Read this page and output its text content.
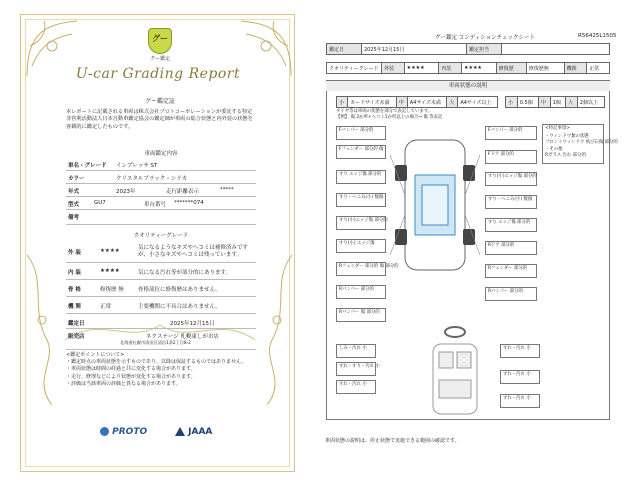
グー
グー鑑定
U-car Grading Report
グー鑑定証
本レポートに記載される車両は株式会社プロトコーポレーションが委託する特定非営利活動法人日本自動車鑑定協会の鑑定師が車両の総合状態と内外装の状態を客観的に鑑定したものです。
車両鑑定内容
車名・グレード インプレッサ ST
カラー	クリスタルブラック・シリカ
年式	2023年	走行距離表示	*****
型式	GU7	車台番号 *******074
備考
クオリティーグレード
外 装	★★★★	気になるようなキズやヘコミは補修済みですが、小さなキズやヘコミは残っています。
内 装	★★★★	気になる汚れ等が部分的にあります。
骨 格	修復歴 無	骨格部位に修復歴はありません。
機 関	正常	主要機関に不具合はありません。
鑑定日	2025年12月15日
販売店	ネクステージ 札幌東しがお店
北海道札幌市清田区清田1条2丁目8-2
<鑑定ポイントについて>
・鑑定時点の車両状態を示すものであり、以降は保証するものではありません。
・車両状態は時間の経過と共に変化する場合があります。
・走行、修理などにより状態が変化する場合があります。
・評価は当該車両の評価と異なる場合があります。
PROTO	JAAA
グー鑑定 コンディションチェックシート	R56425L1505
鑑定日	2025年12月15日	鑑定担当	
クオリティーグレード	外装	★★★★	内装	★★★★	修復歴	修復歴無	機関	正常
車両状態の説明
小	カードサイズ未満	中	A4サイズ未満	大	A4サイズ以上	小	0.5個	中	1個	大	2個以上
タイヤ等は車両の状態を部分で表記しています。
【例】 傷 2か所+ヘコミ1か所以上の場合→ 傷 等表記
Fバンパー 部分的
Fフェンダー 部分的 傷
すり エッジ傷 部分的
すり・へこみ(小) 数個
すり(小)エッジ傷 部分的
すり(小) エッジ傷
Rフェンダー 部分的 傷 部分的
Rバンパー 部分的
Rバンパー 傷 部分的
Fバンパー 部分的
Fドア 部分的
すり(小)エッジ傷 部分的
すり・へこみ(小) 数個
すり エッジ傷 部分的
Rドア 部分的
Rフェンダー 部分的
Rバンパー 部分的
<特記事項>
・ウィンドウ類の状態
フロントウィンドウ 飛び石傷 部分的
・その他
Rガラス 汚れ 部分的
しみ・汚れ 小
すれ・すり・汚れ 小
すれ・汚れ 小
すれ・汚れ 小
すれ・汚れ 小
すれ・汚れ 小
車両状態の説明は、停止状態で実施できる範囲の確認です。
